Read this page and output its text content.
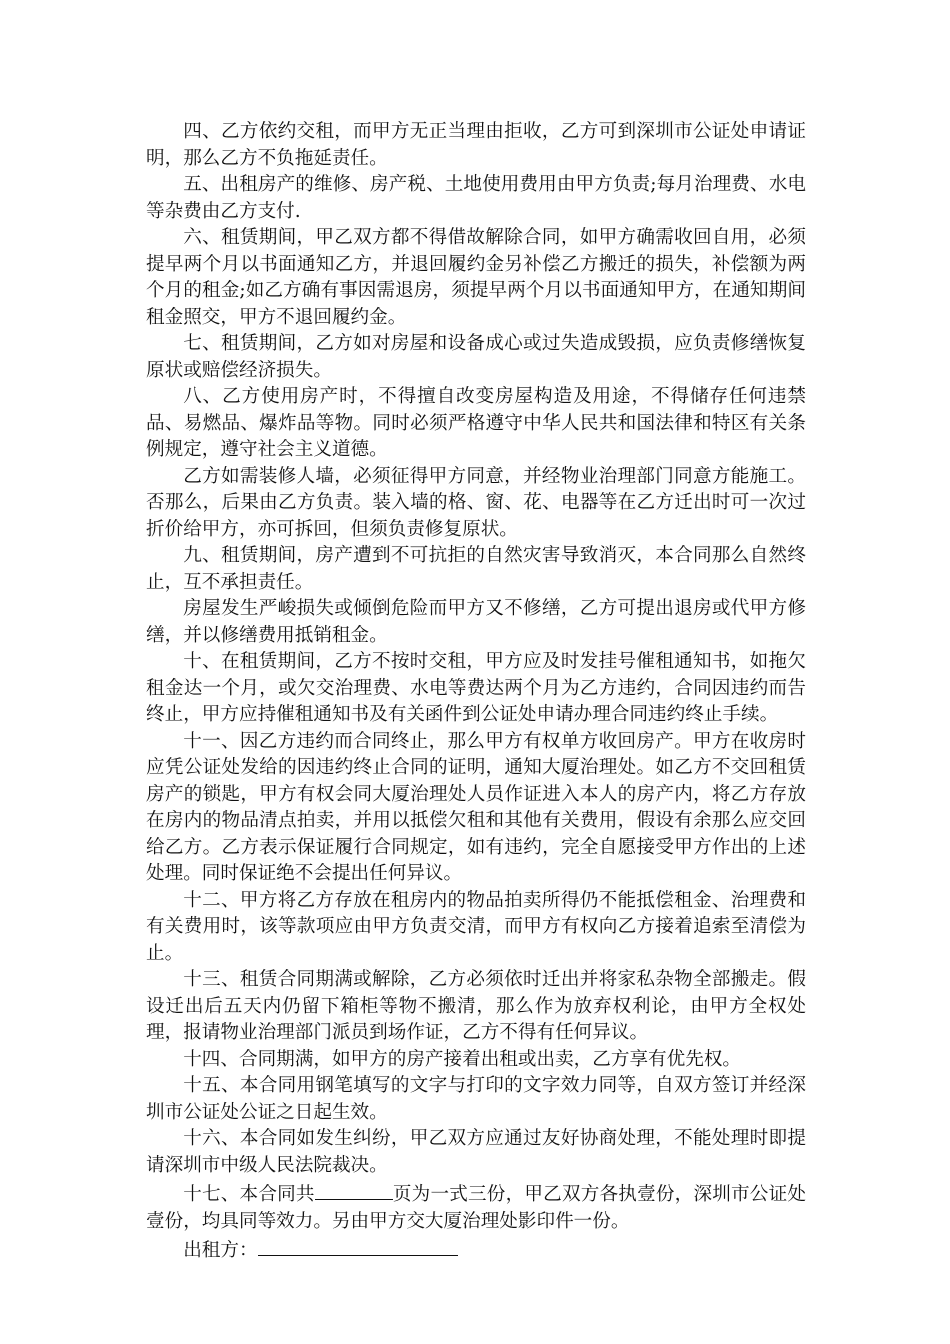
四、乙方依约交租，而甲方无正当理由拒收，乙方可到深圳市公证处申请证明，那么乙方不负拖延责任。

五、出租房产的维修、房产税、土地使用费用由甲方负责;每月治理费、水电等杂费由乙方支付.

六、租赁期间，甲乙双方都不得借故解除合同，如甲方确需收回自用，必须提早两个月以书面通知乙方，并退回履约金另补偿乙方搬迁的损失，补偿额为两个月的租金;如乙方确有事因需退房，须提早两个月以书面通知甲方，在通知期间租金照交，甲方不退回履约金。

七、租赁期间，乙方如对房屋和设备成心或过失造成毁损，应负责修缮恢复原状或赔偿经济损失。

八、乙方使用房产时，不得擅自改变房屋构造及用途，不得储存任何违禁品、易燃品、爆炸品等物。同时必须严格遵守中华人民共和国法律和特区有关条例规定，遵守社会主义道德。

乙方如需装修人墙，必须征得甲方同意，并经物业治理部门同意方能施工。否那么，后果由乙方负责。装入墙的格、窗、花、电器等在乙方迁出时可一次过折价给甲方，亦可拆回，但须负责修复原状。

九、租赁期间，房产遭到不可抗拒的自然灾害导致消灭，本合同那么自然终止，互不承担责任。

房屋发生严峻损失或倾倒危险而甲方又不修缮，乙方可提出退房或代甲方修缮，并以修缮费用抵销租金。

十、在租赁期间，乙方不按时交租，甲方应及时发挂号催租通知书，如拖欠租金达一个月，或欠交治理费、水电等费达两个月为乙方违约，合同因违约而告终止，甲方应持催租通知书及有关函件到公证处申请办理合同违约终止手续。

十一、因乙方违约而合同终止，那么甲方有权单方收回房产。甲方在收房时应凭公证处发给的因违约终止合同的证明，通知大厦治理处。如乙方不交回租赁房产的锁匙，甲方有权会同大厦治理处人员作证进入本人的房产内，将乙方存放在房内的物品清点拍卖，并用以抵偿欠租和其他有关费用，假设有余那么应交回给乙方。乙方表示保证履行合同规定，如有违约，完全自愿接受甲方作出的上述处理。同时保证绝不会提出任何异议。

十二、甲方将乙方存放在租房内的物品拍卖所得仍不能抵偿租金、治理费和有关费用时，该等款项应由甲方负责交清，而甲方有权向乙方接着追索至清偿为止。

十三、租赁合同期满或解除，乙方必须依时迁出并将家私杂物全部搬走。假设迁出后五天内仍留下箱柜等物不搬清，那么作为放弃权利论，由甲方全权处理，报请物业治理部门派员到场作证，乙方不得有任何异议。

十四、合同期满，如甲方的房产接着出租或出卖，乙方享有优先权。

十五、本合同用钢笔填写的文字与打印的文字效力同等，自双方签订并经深圳市公证处公证之日起生效。

十六、本合同如发生纠纷，甲乙双方应通过友好协商处理，不能处理时即提请深圳市中级人民法院裁决。

十七、本合同共	页为一式三份，甲乙双方各执壹份，深圳市公证处壹份，均具同等效力。另由甲方交大厦治理处影印件一份。

出租方：
